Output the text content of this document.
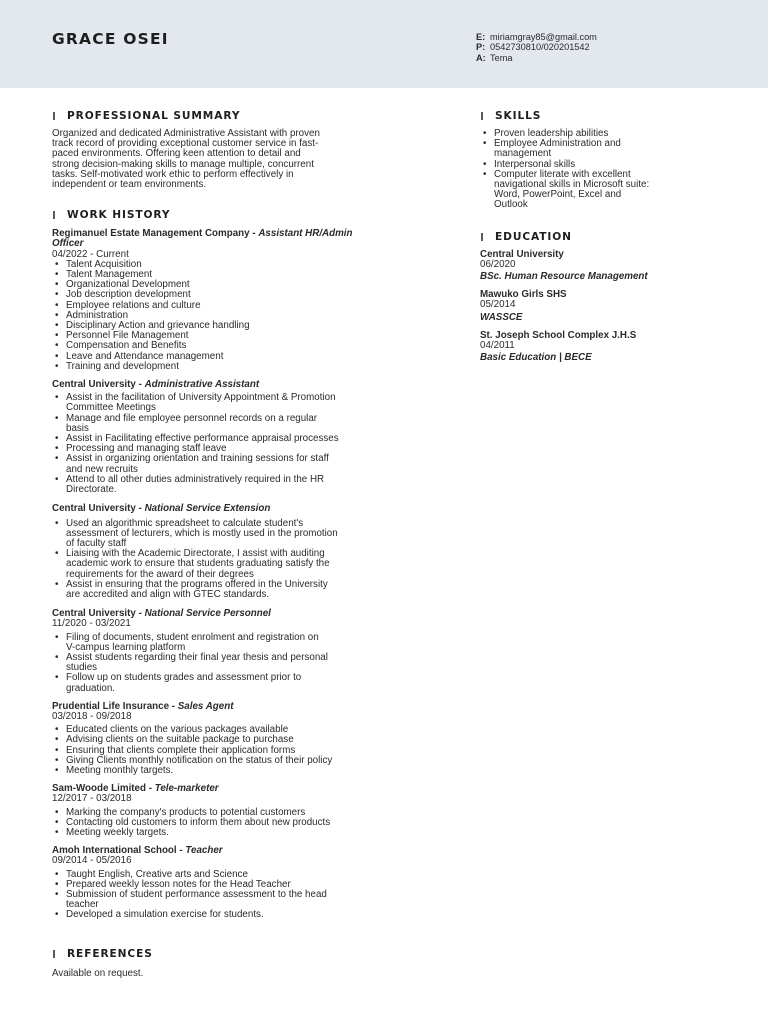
GRACE OSEI	E: miriamgray85@gmail.com
P: 0542730810/020201542
A: Tema
PROFESSIONAL SUMMARY
Organized and dedicated Administrative Assistant with proven
track record of providing exceptional customer service in fast-
paced environments. Offering keen attention to detail and
strong decision-making skills to manage multiple, concurrent
tasks. Self-motivated work ethic to perform effectively in
independent or team environments.
WORK HISTORY
Regimanuel Estate Management Company - Assistant HR/Admin
Officer
04/2022 - Current
• Talent Acquisition
• Talent Management
• Organizational Development
• Job description development
• Employee relations and culture
• Administration
• Disciplinary Action and grievance handling
• Personnel File Management
• Compensation and Benefits
• Leave and Attendance management
• Training and development
Central University - Administrative Assistant
• Assist in the facilitation of University Appointment & Promotion
Committee Meetings
• Manage and file employee personnel records on a regular
basis
• Assist in Facilitating effective performance appraisal processes
• Processing and managing staff leave
• Assist in organizing orientation and training sessions for staff
and new recruits
• Attend to all other duties administratively required in the HR
Directorate.
Central University - National Service Extension
• Used an algorithmic spreadsheet to calculate student's
assessment of lecturers, which is mostly used in the promotion
of faculty staff
• Liaising with the Academic Directorate, I assist with auditing
academic work to ensure that students graduating satisfy the
requirements for the award of their degrees
• Assist in ensuring that the programs offered in the University
are accredited and align with GTEC standards.
Central University - National Service Personnel
11/2020 - 03/2021
• Filing of documents, student enrolment and registration on
V-campus learning platform
• Assist students regarding their final year thesis and personal
studies
• Follow up on students grades and assessment prior to
graduation.
Prudential Life Insurance - Sales Agent
03/2018 - 09/2018
• Educated clients on the various packages available
• Advising clients on the suitable package to purchase
• Ensuring that clients complete their application forms
• Giving Clients monthly notification on the status of their policy
• Meeting monthly targets.
Sam-Woode Limited - Tele-marketer
12/2017 - 03/2018
• Marking the company's products to potential customers
• Contacting old customers to inform them about new products
• Meeting weekly targets.
Amoh International School - Teacher
09/2014 - 05/2016
• Taught English, Creative arts and Science
• Prepared weekly lesson notes for the Head Teacher
• Submission of student performance assessment to the head
teacher
• Developed a simulation exercise for students.
REFERENCES
Available on request.
SKILLS
• Proven leadership abilities
• Employee Administration and
management
• Interpersonal skills
• Computer literate with excellent
navigational skills in Microsoft suite:
Word, PowerPoint, Excel and
Outlook
EDUCATION
Central University
06/2020
BSc. Human Resource Management
Mawuko Girls SHS
05/2014
WASSCE
St. Joseph School Complex J.H.S
04/2011
Basic Education | BECE
